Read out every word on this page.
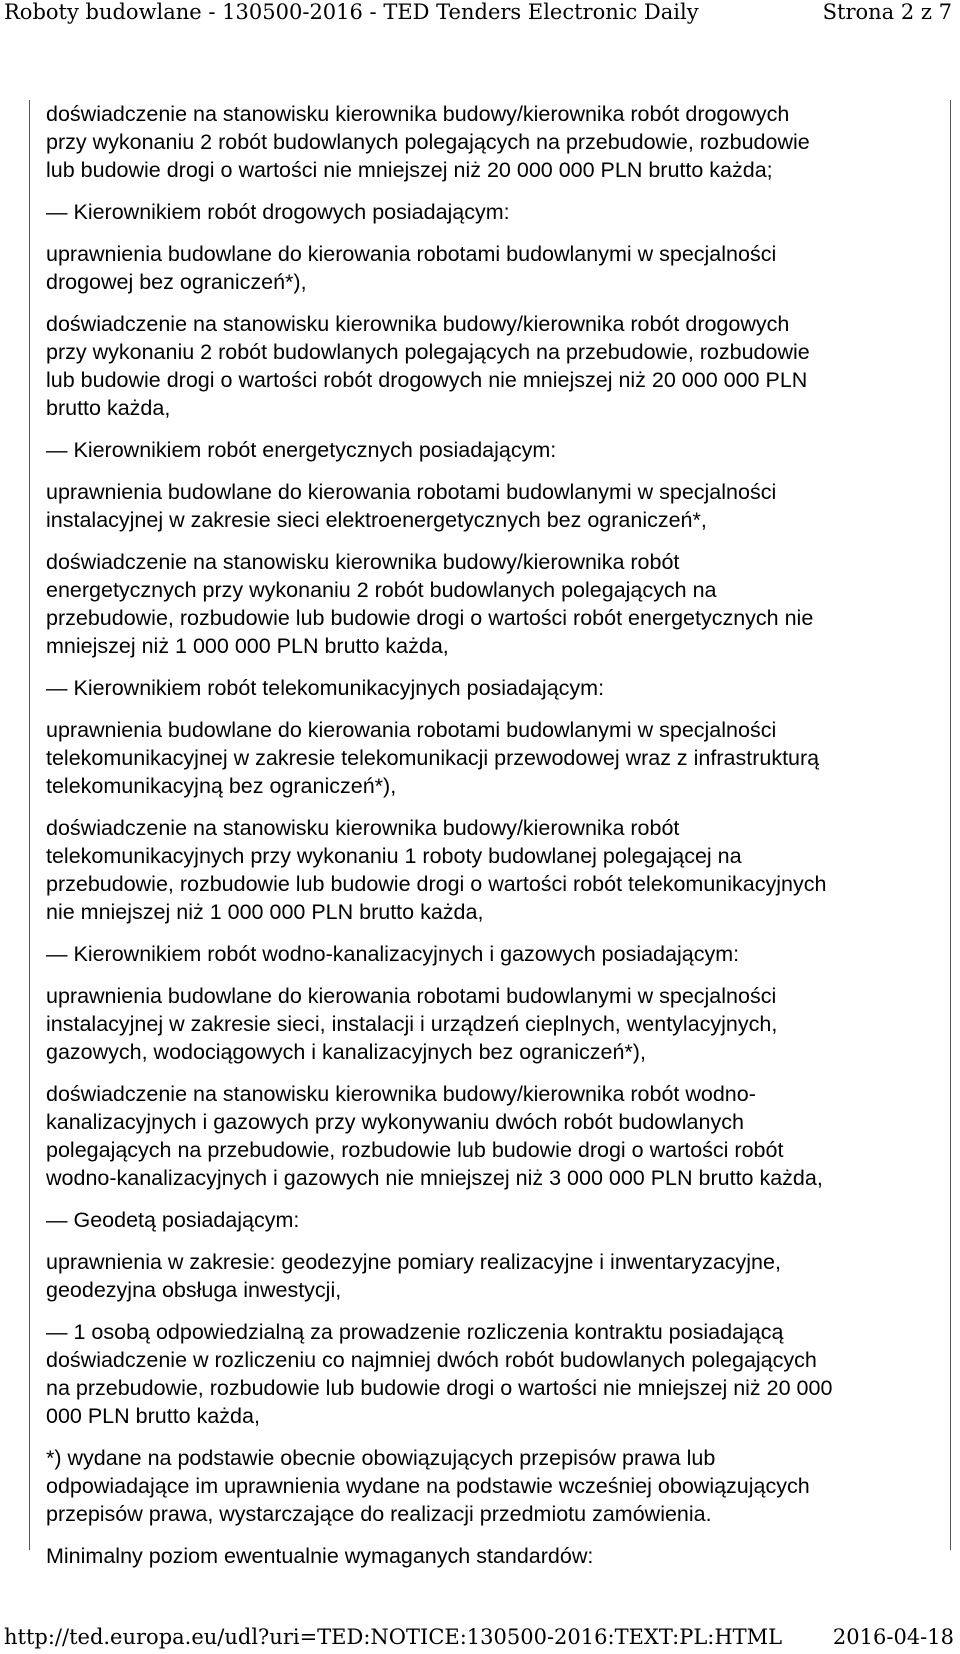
Roboty budowlane - 130500-2016 - TED Tenders Electronic Daily	Strona 2 z 7

doświadczenie na stanowisku kierownika budowy/kierownika robót drogowych
przy wykonaniu 2 robót budowlanych polegających na przebudowie, rozbudowie
lub budowie drogi o wartości nie mniejszej niż 20 000 000 PLN brutto każda;

— Kierownikiem robót drogowych posiadającym:

uprawnienia budowlane do kierowania robotami budowlanymi w specjalności
drogowej bez ograniczeń*),

doświadczenie na stanowisku kierownika budowy/kierownika robót drogowych
przy wykonaniu 2 robót budowlanych polegających na przebudowie, rozbudowie
lub budowie drogi o wartości robót drogowych nie mniejszej niż 20 000 000 PLN
brutto każda,

— Kierownikiem robót energetycznych posiadającym:

uprawnienia budowlane do kierowania robotami budowlanymi w specjalności
instalacyjnej w zakresie sieci elektroenergetycznych bez ograniczeń*,

doświadczenie na stanowisku kierownika budowy/kierownika robót
energetycznych przy wykonaniu 2 robót budowlanych polegających na
przebudowie, rozbudowie lub budowie drogi o wartości robót energetycznych nie
mniejszej niż 1 000 000 PLN brutto każda,

— Kierownikiem robót telekomunikacyjnych posiadającym:

uprawnienia budowlane do kierowania robotami budowlanymi w specjalności
telekomunikacyjnej w zakresie telekomunikacji przewodowej wraz z infrastrukturą
telekomunikacyjną bez ograniczeń*),

doświadczenie na stanowisku kierownika budowy/kierownika robót
telekomunikacyjnych przy wykonaniu 1 roboty budowlanej polegającej na
przebudowie, rozbudowie lub budowie drogi o wartości robót telekomunikacyjnych
nie mniejszej niż 1 000 000 PLN brutto każda,

— Kierownikiem robót wodno-kanalizacyjnych i gazowych posiadającym:

uprawnienia budowlane do kierowania robotami budowlanymi w specjalności
instalacyjnej w zakresie sieci, instalacji i urządzeń cieplnych, wentylacyjnych,
gazowych, wodociągowych i kanalizacyjnych bez ograniczeń*),

doświadczenie na stanowisku kierownika budowy/kierownika robót wodno-
kanalizacyjnych i gazowych przy wykonywaniu dwóch robót budowlanych
polegających na przebudowie, rozbudowie lub budowie drogi o wartości robót
wodno-kanalizacyjnych i gazowych nie mniejszej niż 3 000 000 PLN brutto każda,

— Geodetą posiadającym:

uprawnienia w zakresie: geodezyjne pomiary realizacyjne i inwentaryzacyjne,
geodezyjna obsługa inwestycji,

— 1 osobą odpowiedzialną za prowadzenie rozliczenia kontraktu posiadającą
doświadczenie w rozliczeniu co najmniej dwóch robót budowlanych polegających
na przebudowie, rozbudowie lub budowie drogi o wartości nie mniejszej niż 20 000
000 PLN brutto każda,

*) wydane na podstawie obecnie obowiązujących przepisów prawa lub
odpowiadające im uprawnienia wydane na podstawie wcześniej obowiązujących
przepisów prawa, wystarczające do realizacji przedmiotu zamówienia.

Minimalny poziom ewentualnie wymaganych standardów:

http://ted.europa.eu/udl?uri=TED:NOTICE:130500-2016:TEXT:PL:HTML 2016-04-18
